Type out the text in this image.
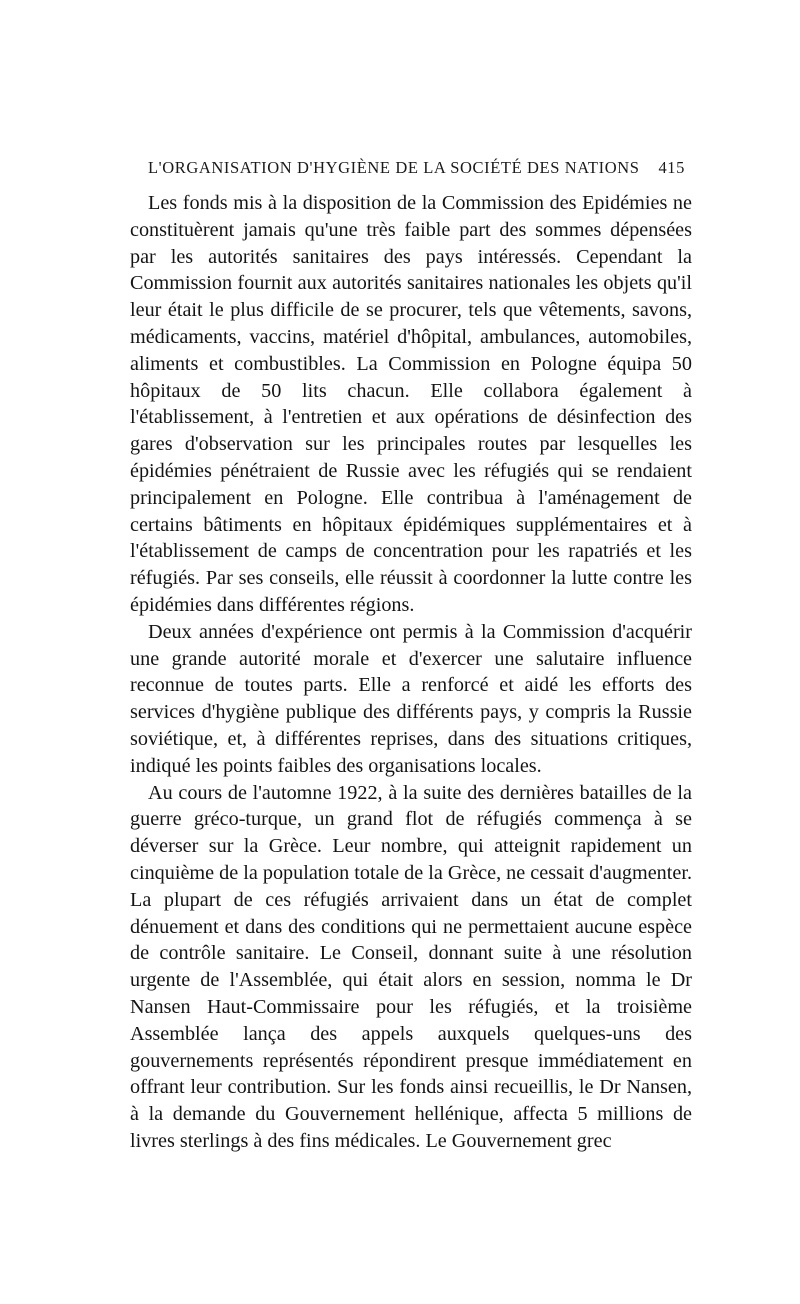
L'ORGANISATION D'HYGIÈNE DE LA SOCIÉTÉ DES NATIONS 415

Les fonds mis à la disposition de la Commission des Epidémies ne constituèrent jamais qu'une très faible part des sommes dépensées par les autorités sanitaires des pays intéressés. Cependant la Commission fournit aux autorités sanitaires nationales les objets qu'il leur était le plus difficile de se procurer, tels que vêtements, savons, médicaments, vaccins, matériel d'hôpital, ambulances, automobiles, aliments et combustibles. La Commission en Pologne équipa 50 hôpitaux de 50 lits chacun. Elle collabora également à l'établissement, à l'entretien et aux opérations de désinfection des gares d'observation sur les principales routes par lesquelles les épidémies pénétraient de Russie avec les réfugiés qui se rendaient principalement en Pologne. Elle contribua à l'aménagement de certains bâtiments en hôpitaux épidémiques supplémentaires et à l'établissement de camps de concentration pour les rapatriés et les réfugiés. Par ses conseils, elle réussit à coordonner la lutte contre les épidémies dans différentes régions.

Deux années d'expérience ont permis à la Commission d'acquérir une grande autorité morale et d'exercer une salutaire influence reconnue de toutes parts. Elle a renforcé et aidé les efforts des services d'hygiène publique des différents pays, y compris la Russie soviétique, et, à différentes reprises, dans des situations critiques, indiqué les points faibles des organisations locales.

Au cours de l'automne 1922, à la suite des dernières batailles de la guerre gréco-turque, un grand flot de réfugiés commença à se déverser sur la Grèce. Leur nombre, qui atteignit rapidement un cinquième de la population totale de la Grèce, ne cessait d'augmenter. La plupart de ces réfugiés arrivaient dans un état de complet dénuement et dans des conditions qui ne permettaient aucune espèce de contrôle sanitaire. Le Conseil, donnant suite à une résolution urgente de l'Assemblée, qui était alors en session, nomma le Dr Nansen Haut-Commissaire pour les réfugiés, et la troisième Assemblée lança des appels auxquels quelques-uns des gouvernements représentés répondirent presque immédiatement en offrant leur contribution. Sur les fonds ainsi recueillis, le Dr Nansen, à la demande du Gouvernement hellénique, affecta 5 millions de livres sterlings à des fins médicales. Le Gouvernement grec
